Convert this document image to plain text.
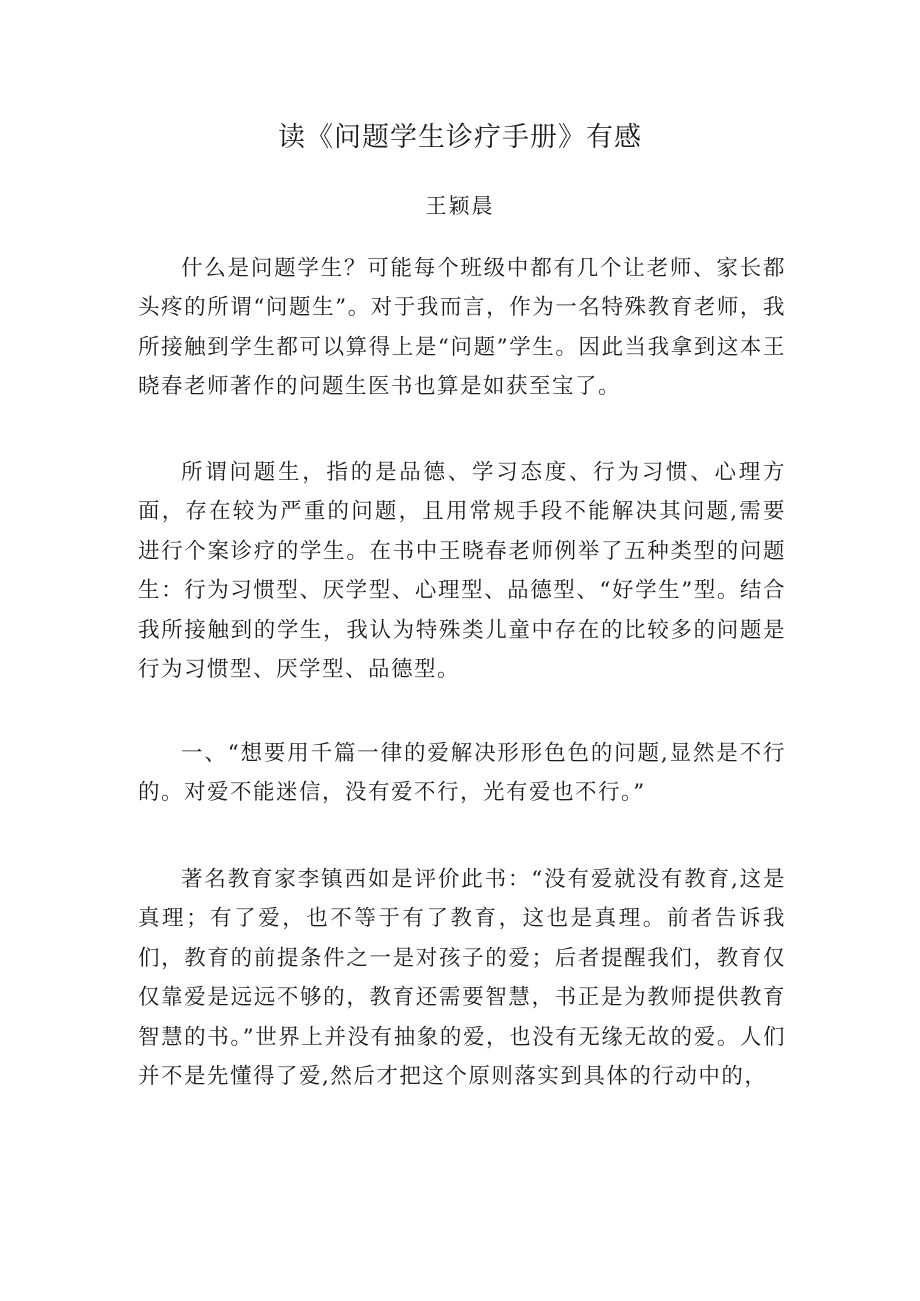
读《问题学生诊疗手册》有感
王颖晨

什么是问题学生？可能每个班级中都有几个让老师、家长都头疼的所谓“问题生”。对于我而言，作为一名特殊教育老师，我所接触到学生都可以算得上是“问题”学生。因此当我拿到这本王晓春老师著作的问题生医书也算是如获至宝了。

所谓问题生，指的是品德、学习态度、行为习惯、心理方面，存在较为严重的问题，且用常规手段不能解决其问题,需要进行个案诊疗的学生。在书中王晓春老师例举了五种类型的问题生：行为习惯型、厌学型、心理型、品德型、“好学生”型。结合我所接触到的学生，我认为特殊类儿童中存在的比较多的问题是行为习惯型、厌学型、品德型。

一、“想要用千篇一律的爱解决形形色色的问题,显然是不行的。对爱不能迷信，没有爱不行，光有爱也不行。”

著名教育家李镇西如是评价此书：“没有爱就没有教育,这是真理；有了爱，也不等于有了教育，这也是真理。前者告诉我们，教育的前提条件之一是对孩子的爱；后者提醒我们，教育仅仅靠爱是远远不够的，教育还需要智慧，书正是为教师提供教育智慧的书。”世界上并没有抽象的爱，也没有无缘无故的爱。人们并不是先懂得了爱,然后才把这个原则落实到具体的行动中的，
